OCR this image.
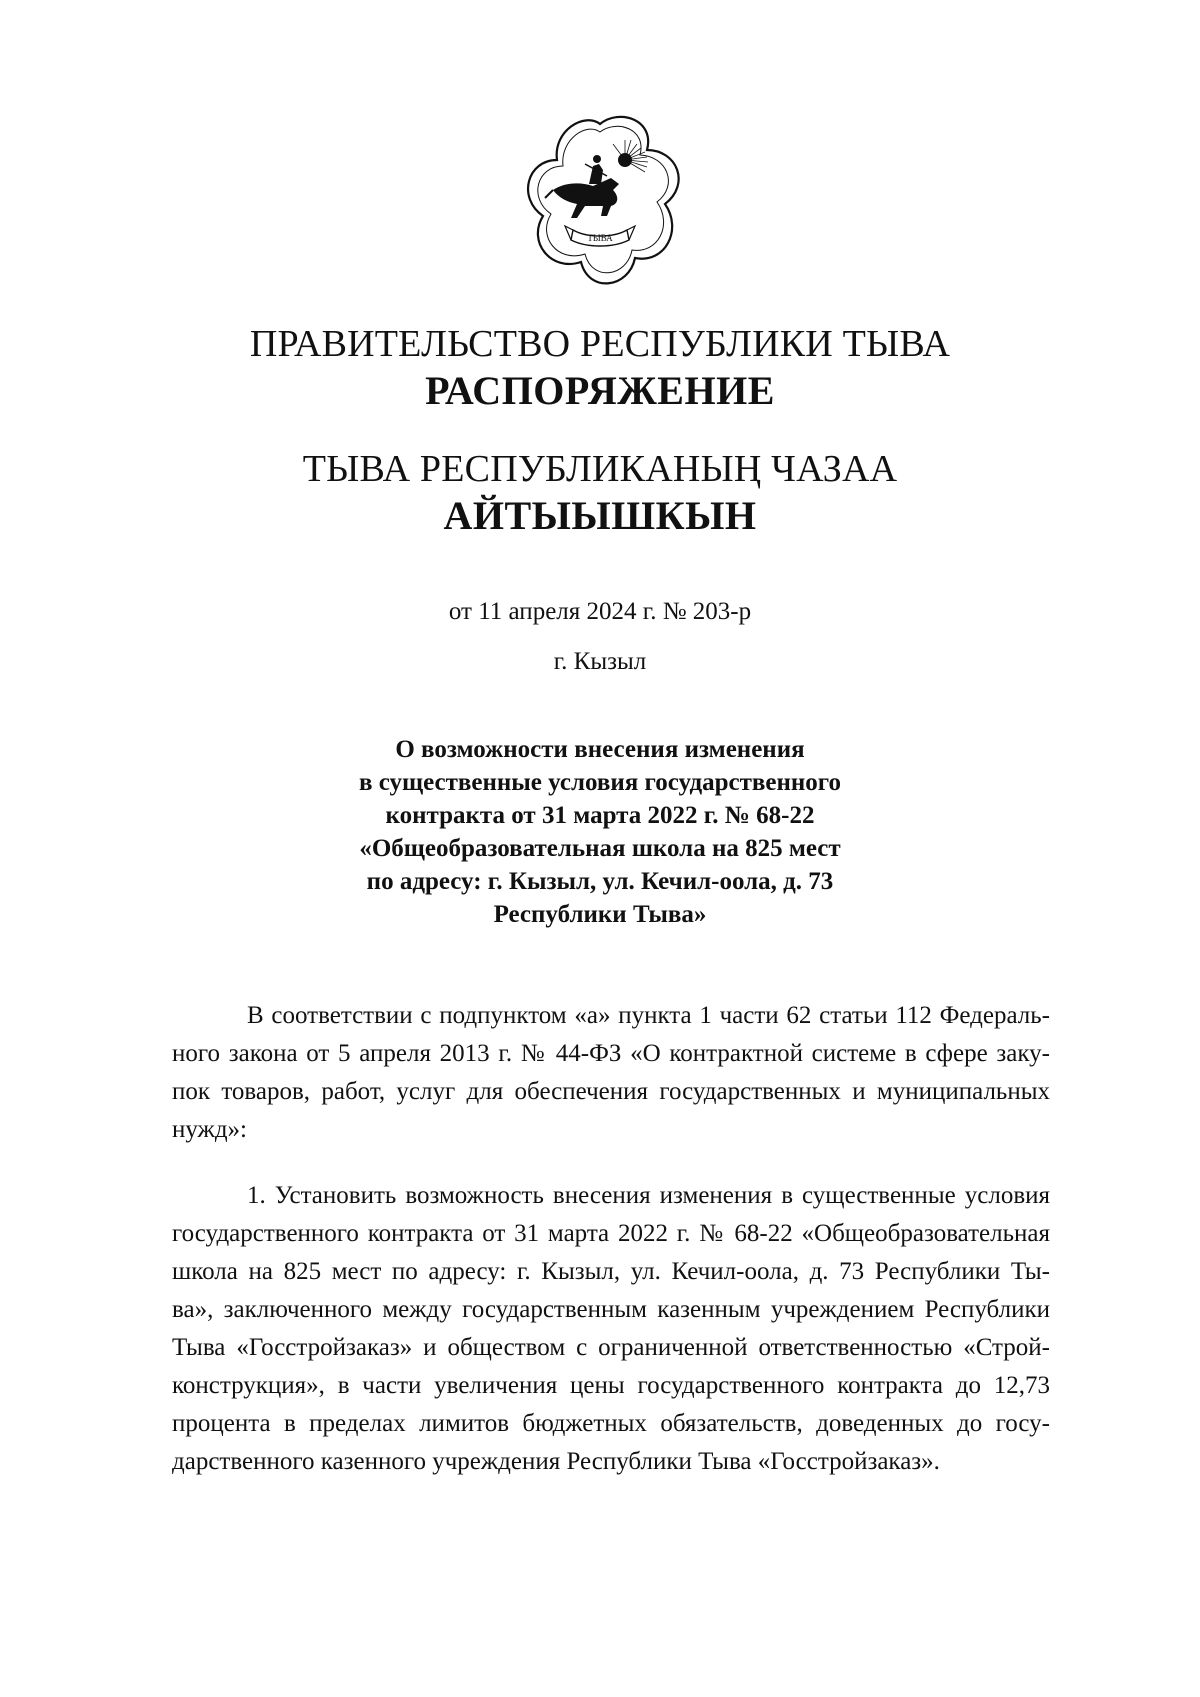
ТЫВА
ПРАВИТЕЛЬСТВО РЕСПУБЛИКИ ТЫВА
РАСПОРЯЖЕНИЕ
ТЫВА РЕСПУБЛИКАНЫҢ ЧАЗАА
АЙТЫЫШКЫН
от 11 апреля 2024 г. № 203-р
г. Кызыл
О возможности внесения изменения
в существенные условия государственного
контракта от 31 марта 2022 г. № 68-22
«Общеобразовательная школа на 825 мест
по адресу: г. Кызыл, ул. Кечил-оола, д. 73
Республики Тыва»
В соответствии с подпунктом «а» пункта 1 части 62 статьи 112 Федераль-
ного закона от 5 апреля 2013 г. № 44-ФЗ «О контрактной системе в сфере заку-
пок товаров, работ, услуг для обеспечения государственных и муниципальных
нужд»:
1. Установить возможность внесения изменения в существенные условия
государственного контракта от 31 марта 2022 г. № 68-22 «Общеобразовательная
школа на 825 мест по адресу: г. Кызыл, ул. Кечил-оола, д. 73 Республики Ты-
ва», заключенного между государственным казенным учреждением Республики
Тыва «Госстройзаказ» и обществом с ограниченной ответственностью «Строй-
конструкция», в части увеличения цены государственного контракта до 12,73
процента в пределах лимитов бюджетных обязательств, доведенных до госу-
дарственного казенного учреждения Республики Тыва «Госстройзаказ».
